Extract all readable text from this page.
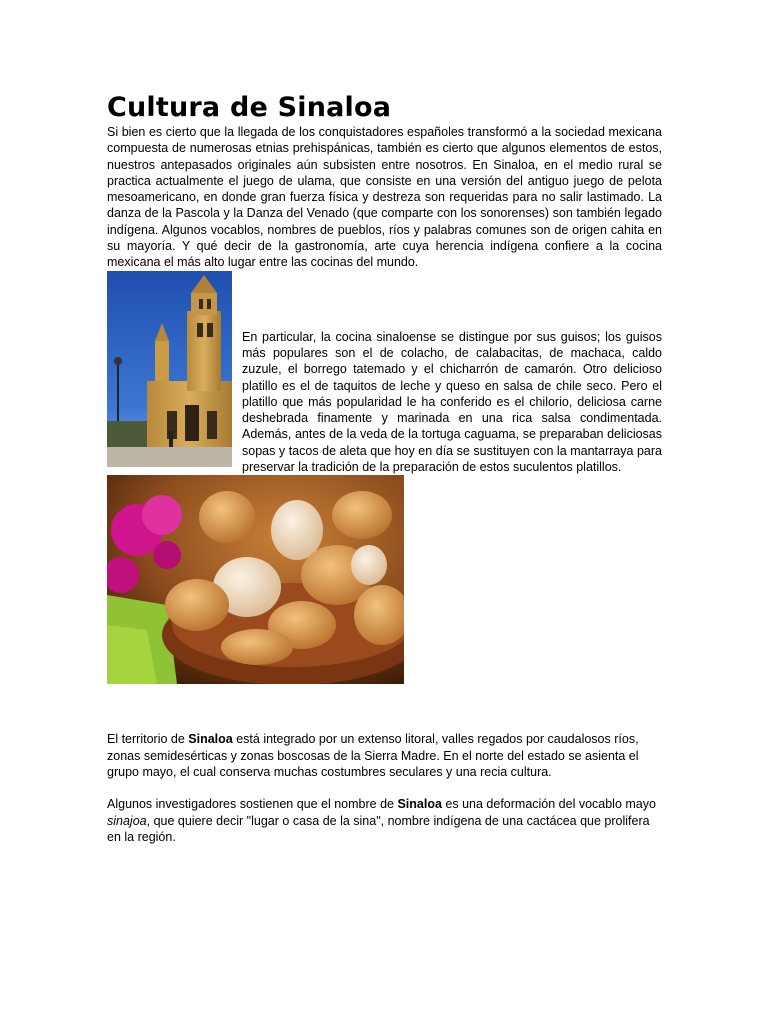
Cultura de Sinaloa

Si bien es cierto que la llegada de los conquistadores españoles transformó a la sociedad mexicana compuesta de numerosas etnias prehispánicas, también es cierto que algunos elementos de estos, nuestros antepasados originales aún subsisten entre nosotros. En Sinaloa, en el medio rural se practica actualmente el juego de ulama, que consiste en una versión del antiguo juego de pelota mesoamericano, en donde gran fuerza física y destreza son requeridas para no salir lastimado. La danza de la Pascola y la Danza del Venado (que comparte con los sonorenses) son también legado indígena. Algunos vocablos, nombres de pueblos, ríos y palabras comunes son de origen cahita en su mayoría. Y qué decir de la gastronomía, arte cuya herencia indígena confiere a la cocina mexicana el más alto lugar entre las cocinas del mundo.

En particular, la cocina sinaloense se distingue por sus guisos; los guisos más populares son el de colacho, de calabacitas, de machaca, caldo zuzule, el borrego tatemado y el chicharrón de camarón. Otro delicioso platillo es el de taquitos de leche y queso en salsa de chile seco. Pero el platillo que más popularidad le ha conferido es el chilorio, deliciosa carne deshebrada finamente y marinada en una rica salsa condimentada. Además, antes de la veda de la tortuga caguama, se preparaban deliciosas sopas y tacos de aleta que hoy en día se sustituyen con la mantarraya para preservar la tradición de la preparación de estos suculentos platillos.

El territorio de Sinaloa está integrado por un extenso litoral, valles regados por caudalosos ríos, zonas semidesérticas y zonas boscosas de la Sierra Madre. En el norte del estado se asienta el grupo mayo, el cual conserva muchas costumbres seculares y una recia cultura.

Algunos investigadores sostienen que el nombre de Sinaloa es una deformación del vocablo mayo sinajoa, que quiere decir "lugar o casa de la sina", nombre indígena de una cactácea que prolifera en la región.
